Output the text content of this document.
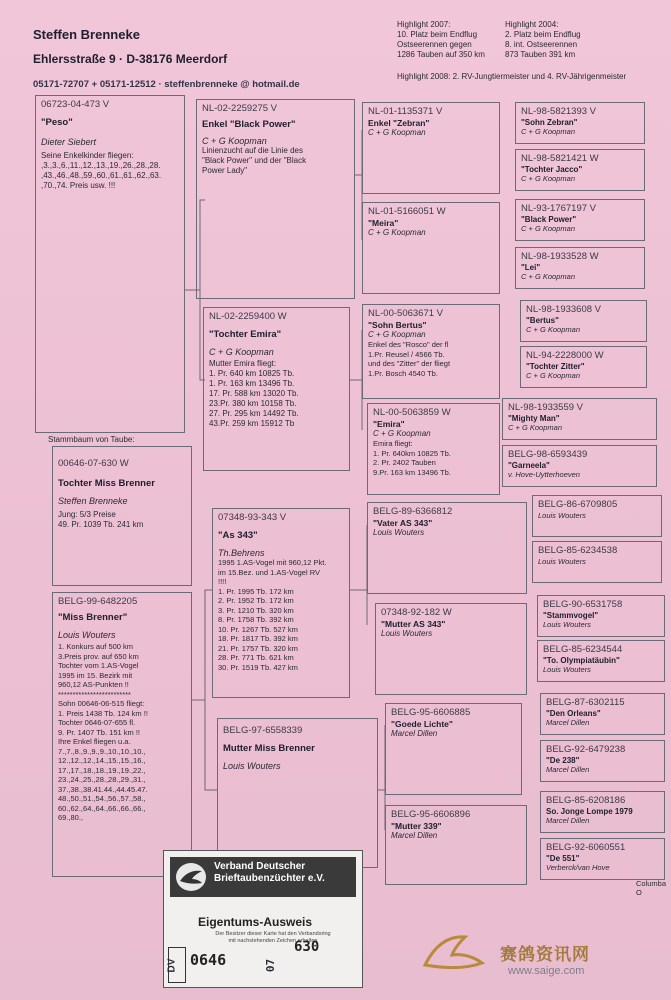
Steffen Brenneke
Ehlersstraße 9 · D-38176 Meerdorf
05171-72707 + 05171-12512 · steffenbrenneke @ hotmail.de
Highlight 2007:
10. Platz beim Endflug
Ostseerennen gegen
1286 Tauben auf 350 km
Highlight 2004:
2. Platz beim Endflug
8. int. Ostseerennen
873 Tauben 391 km
Highlight 2008: 2. RV-Jungtiermeister und 4. RV-Jährigenmeister
06723-04-473 V
"Peso"
Dieter Siebert
Seine Enkelkinder fliegen:
,3.,3.,6.,11.,12.,13.,19.,26.,28.,28.
,43.,46.,48.,59.,60.,61.,61.,62.,63.
,70.,74. Preis usw. !!!
Stammbaum von Taube:
00646-07-630 W
Tochter Miss Brenner
Steffen Brenneke
Jung: 5/3 Preise
49. Pr. 1039 Tb. 241 km
BELG-99-6482205
"Miss Brenner"
Louis Wouters
1. Konkurs auf 500 km
3.Preis prov. auf 650 km
Tochter vom 1.AS-Vogel
1995 im 15. Bezirk mit
960,12 AS-Punkten !!
*************************
Sohn 00646-06-515 fliegt:
1. Preis 1438 Tb. 124 km !!
Tochter 0646-07-655 fl.
9. Pr. 1407 Tb. 151 km !!
Ihre Enkel fliegen u.a.
7.,7.,8.,9.,9.,9.,10.,10.,10.,
12.,12.,12.,14.,15.,15.,16.,
17.,17.,18.,18.,19.,19.,22.,
23.,24.,25.,28.,28.,29.,31.,
37.,38.,38.41.44.,44.45.47.
48.,50.,51.,54.,56.,57.,58.,
60.,62.,64.,64.,66.,66.,66.,
69.,80.,
NL-02-2259275 V
Enkel "Black Power"
C + G Koopman
Linienzucht auf die Linie des
"Black Power" und der "Black
Power Lady"
NL-02-2259400 W
"Tochter Emira"
C + G Koopman
Mutter Emira fliegt:
1. Pr. 640 km 10825 Tb.
1. Pr. 163 km 13496 Tb.
17. Pr. 588 km 13020 Tb.
23.Pr. 380 km 10158 Tb.
27. Pr. 295 km 14492 Tb.
43.Pr. 259 km 15912 Tb
07348-93-343 V
"As 343"
Th.Behrens
1995 1.AS-Vogel mit 960,12 Pkt.
im 15.Bez. und 1.AS-Vogel RV
!!!!
1. Pr. 1995 Tb. 172 km
2. Pr. 1952 Tb. 172 km
3. Pr. 1210 Tb. 320 km
8. Pr. 1758 Tb. 392 km
10. Pr. 1267 Tb. 527 km
18. Pr. 1817 Tb. 392 km
21. Pr. 1757 Tb. 320 km
28. Pr. 771 Tb. 621 km
30. Pr. 1519 Tb. 427 km
BELG-97-6558339
Mutter Miss Brenner
Louis Wouters
NL-01-1135371 V
Enkel "Zebran"
C + G Koopman
NL-01-5166051 W
"Meira"
C + G Koopman
NL-00-5063671 V
"Sohn Bertus"
C + G Koopman
Enkel des "Rosco" der fl
1.Pr. Reusel / 4566 Tb.
und des "Zitter" der fliegt
1.Pr. Bosch 4540 Tb.
NL-00-5063859 W
"Emira"
C + G Koopman
Emira fliegt:
1. Pr. 640km 10825 Tb.
2. Pr. 2402 Tauben
9.Pr. 163 km 13496 Tb.
BELG-89-6366812
"Vater AS 343"
Louis Wouters
07348-92-182 W
"Mutter AS 343"
Louis Wouters
BELG-95-6606885
"Goede Lichte"
Marcel Dillen
BELG-95-6606896
"Mutter 339"
Marcel Dillen
NL-98-5821393 V
"Sohn Zebran"
C + G Koopman
NL-98-5821421 W
"Tochter Jacco"
C + G Koopman
NL-93-1767197 V
"Black Power"
C + G Koopman
NL-98-1933528 W
"Lei"
C + G Koopman
NL-98-1933608 V
"Bertus"
C + G Koopman
NL-94-2228000 W
"Tochter Zitter"
C + G Koopman
NL-98-1933559 V
"Mighty Man"
C + G Koopman
BELG-98-6593439
"Garneela"
v. Hove-Uytterhoeven
BELG-86-6709805
Louis Wouters
BELG-85-6234538
Louis Wouters
BELG-90-6531758
"Stammvogel"
Louis Wouters
BELG-85-6234544
"To. Olympiatäubin"
Louis Wouters
BELG-87-6302115
"Den Orleans"
Marcel Dillen
BELG-92-6479238
"De 238"
Marcel Dillen
BELG-85-6208186
So. Jonge Lompe 1979
Marcel Dillen
BELG-92-6060551
"De 551"
Verberck/van Hove
Columba O
Verband Deutscher
Brieftaubenzüchter e.V.
Eigentums-Ausweis
Der Besitzer dieser Karte hat den Verbandsring
mit nachstehenden Zeichen erhalten
DV 0646	07
630	赛鸽资讯网
www.saige.com
